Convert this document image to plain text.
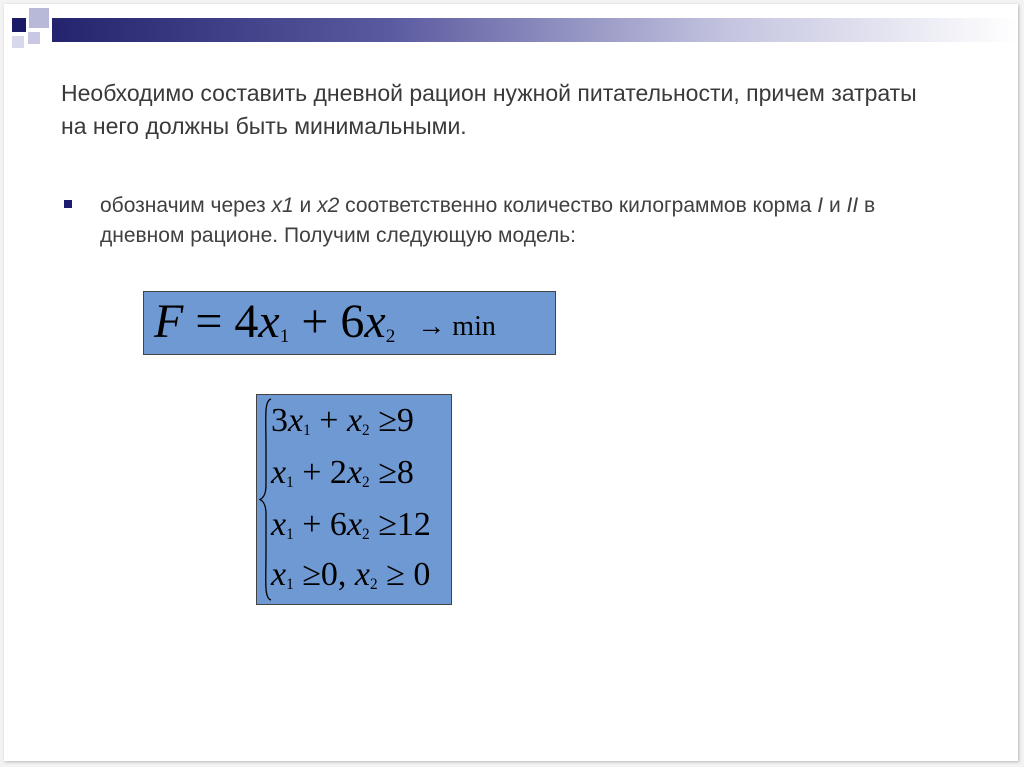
Необходимо составить дневной рацион нужной питательности, причем затраты на него должны быть минимальными.
обозначим через x1 и x2 соответственно количество килограммов корма I и II в дневном рационе. Получим следующую модель:
$F = 4x_1 + 6x_2 \to \min$
$3x_1 + x_2 \ge 9$
$x_1 + 2x_2 \ge 8$
$x_1 + 6x_2 \ge 12$
$x_1 \ge 0$, $x_2 \ge 0$
